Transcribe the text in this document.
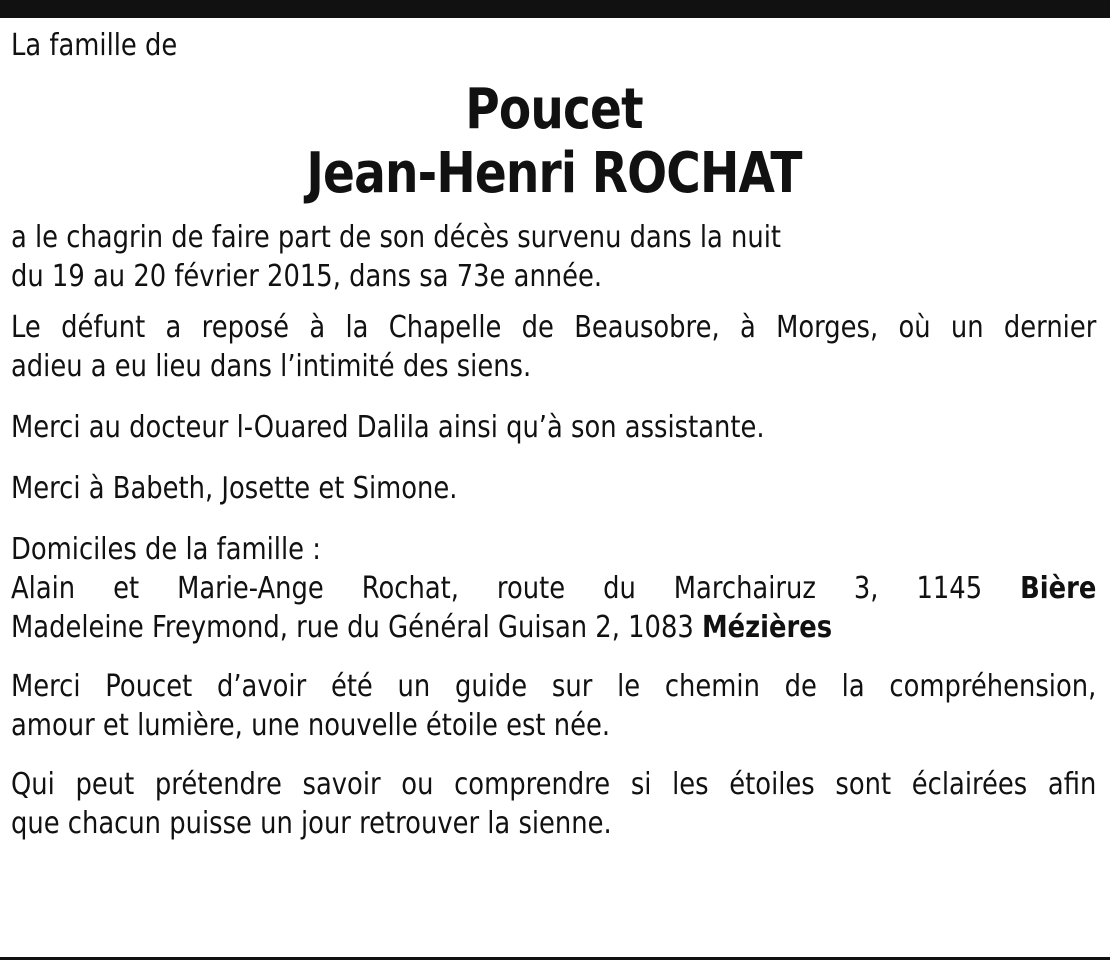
La famille de

Poucet

Jean-Henri ROCHAT

a le chagrin de faire part de son décès survenu dans la nuit
du 19 au 20 février 2015, dans sa 73e année.

Le défunt a reposé à la Chapelle de Beausobre, à Morges, où un dernier
adieu a eu lieu dans l’intimité des siens.

Merci au docteur l-Ouared Dalila ainsi qu’à son assistante.

Merci à Babeth, Josette et Simone.

Domiciles de la famille :
Alain et Marie-Ange Rochat, route du Marchairuz 3, 1145 Bière
Madeleine Freymond, rue du Général Guisan 2, 1083 Mézières

Merci Poucet d’avoir été un guide sur le chemin de la compréhension,
amour et lumière, une nouvelle étoile est née.

Qui peut prétendre savoir ou comprendre si les étoiles sont éclairées afin
que chacun puisse un jour retrouver la sienne.
